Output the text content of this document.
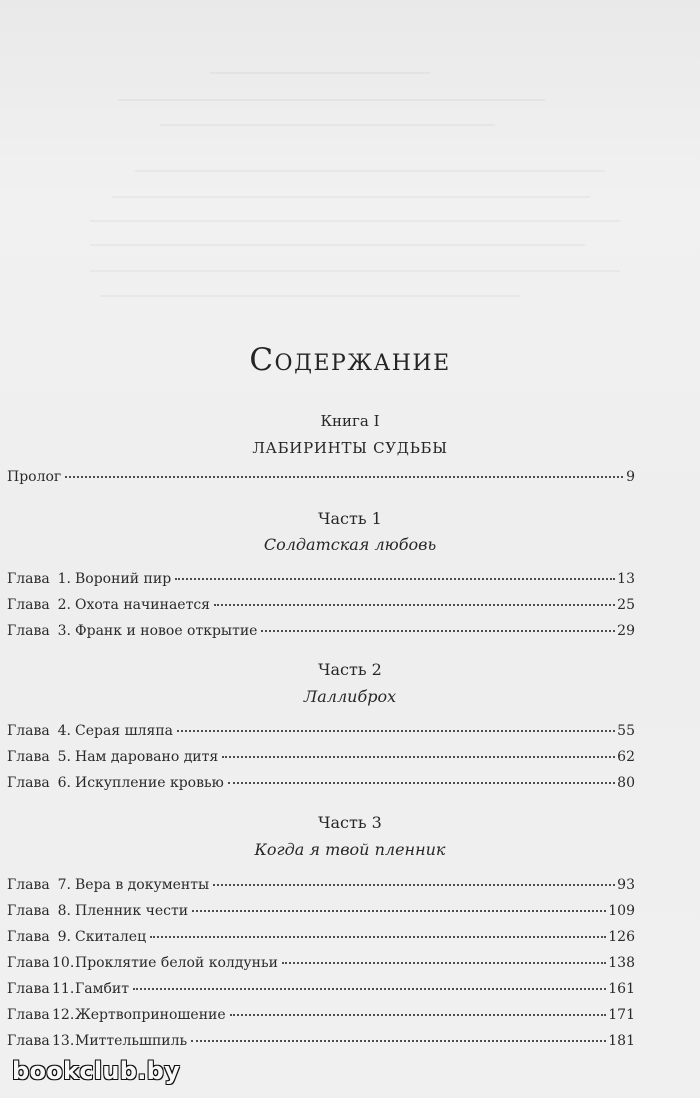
Содержание
Книга I
ЛАБИРИНТЫ СУДЬБЫ
Пролог	9
Часть 1
Солдатская любовь
Глава 1. Вороний пир	13
Глава 2. Охота начинается	25
Глава 3. Франк и новое открытие	29
Часть 2
Лаллиброх
Глава 4. Серая шляпа	55
Глава 5. Нам даровано дитя	62
Глава 6. Искупление кровью	80
Часть 3
Когда я твой пленник
Глава 7. Вера в документы	93
Глава 8. Пленник чести	109
Глава 9. Скиталец	126
Глава 10. Проклятие белой колдуньи	138
Глава 11. Гамбит	161
Глава 12. Жертвоприношение	171
Глава 13. Миттельшпиль	181
bookclub.by
